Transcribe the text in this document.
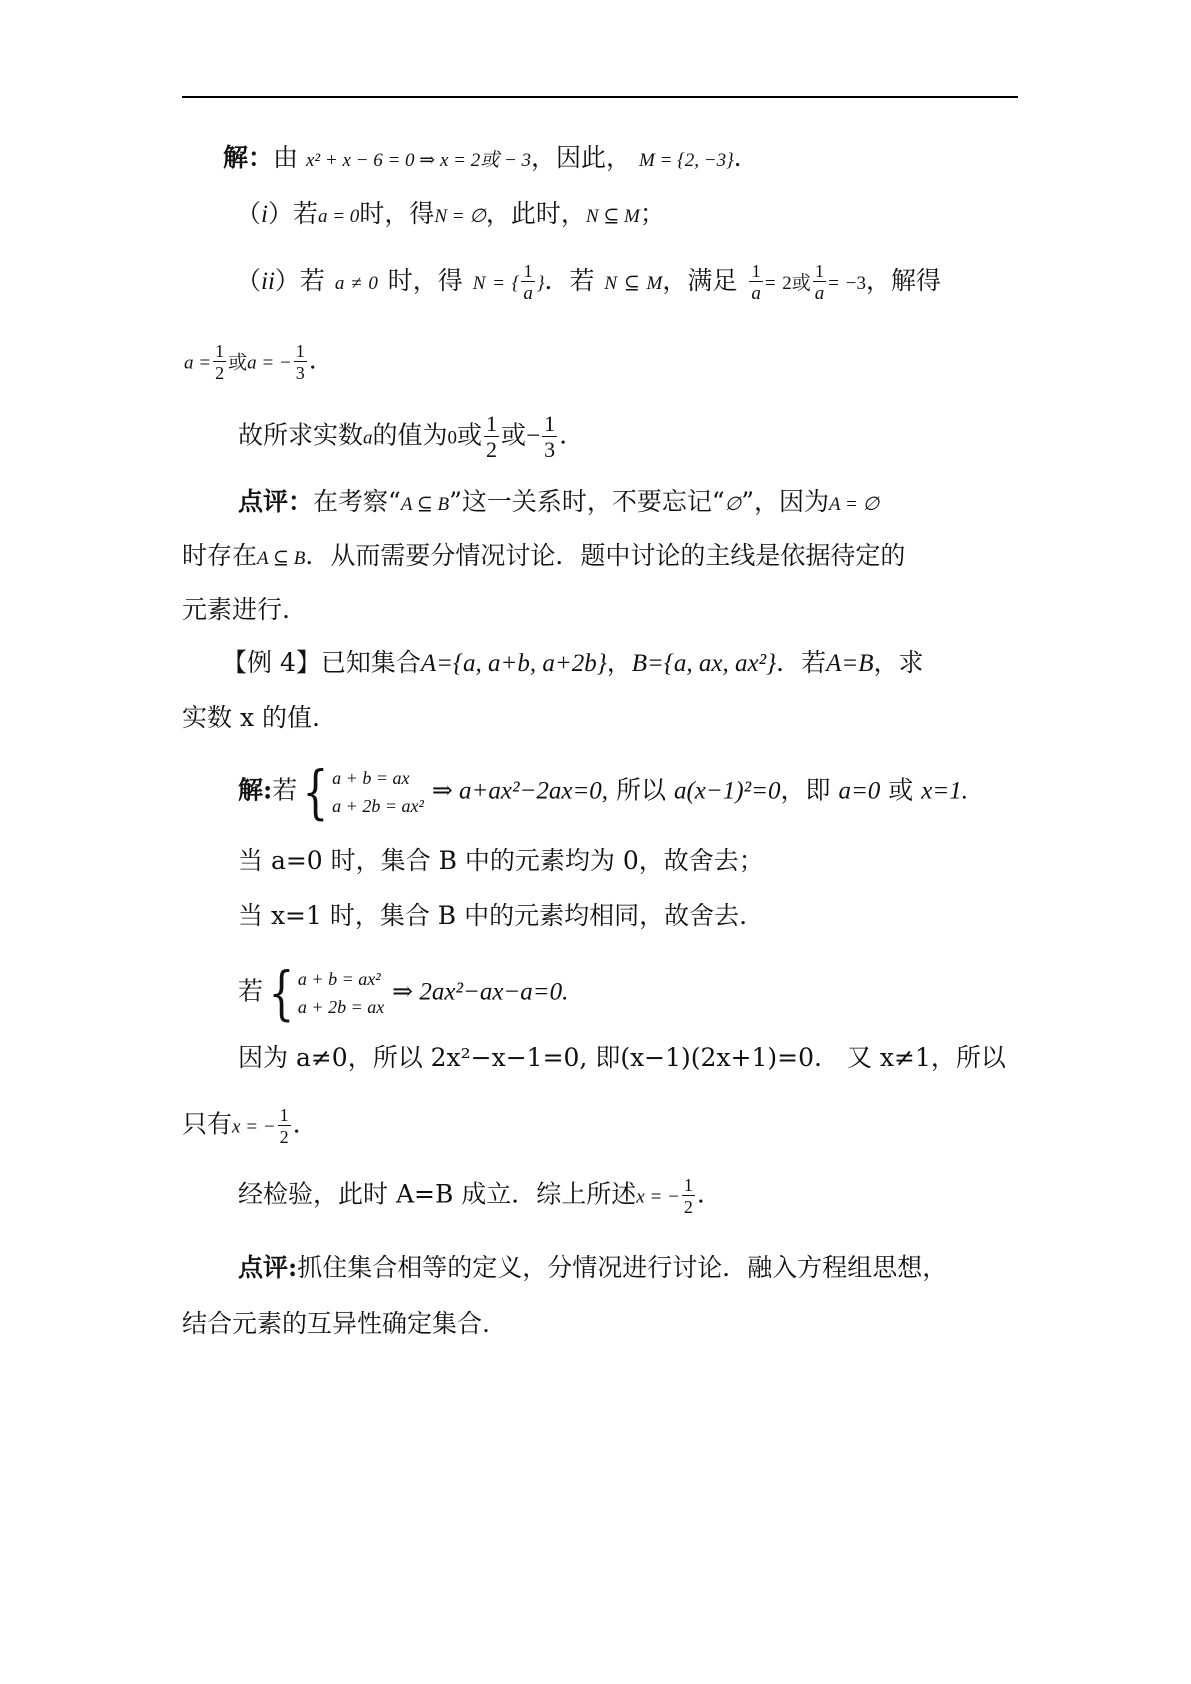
解：由 x² + x − 6 = 0 ⇒ x = 2或 − 3，因此， M = {2, −3}.
（i）若a = 0时，得N = ∅，此时，N ⊆ M；
（ii）若 a ≠ 0 时，得 N = { $\frac{1}{a}$ }．若 N ⊆ M，满足 $\frac{1}{a} = 2$或 $\frac{1}{a} = -3$，解得
$a = \frac{1}{2}$ 或a = − $\frac{1}{3}$ .
故所求实数a的值为0或 $\frac{1}{2}$ 或− $\frac{1}{3}$ .
点评：在考察“A ⊆ B”这一关系时，不要忘记“∅”，因为A = ∅
时存在A ⊆ B．从而需要分情况讨论．题中讨论的主线是依据待定的
元素进行.
【例 4】已知集合A={a, a+b, a+2b}，B={a, ax, ax²}．若A=B，求
实数 x 的值.
解:若 { a + b = ax
a + 2b = ax²
⇒ a+ax²−2ax=0, 所以 a(x−1)²=0，即 a=0 或 x=1.
当 a=0 时，集合 B 中的元素均为 0，故舍去；
当 x=1 时，集合 B 中的元素均相同，故舍去.
若 { a + b = ax²
a + 2b = ax
⇒ 2ax²−ax−a=0.
因为 a≠0，所以 2x²−x−1=0, 即(x−1)(2x+1)=0.　又 x≠1，所以
只有x = − $\frac{1}{2}$ .
经检验，此时 A=B 成立．综上所述x = − $\frac{1}{2}$ .
点评:抓住集合相等的定义，分情况进行讨论．融入方程组思想，
结合元素的互异性确定集合.
